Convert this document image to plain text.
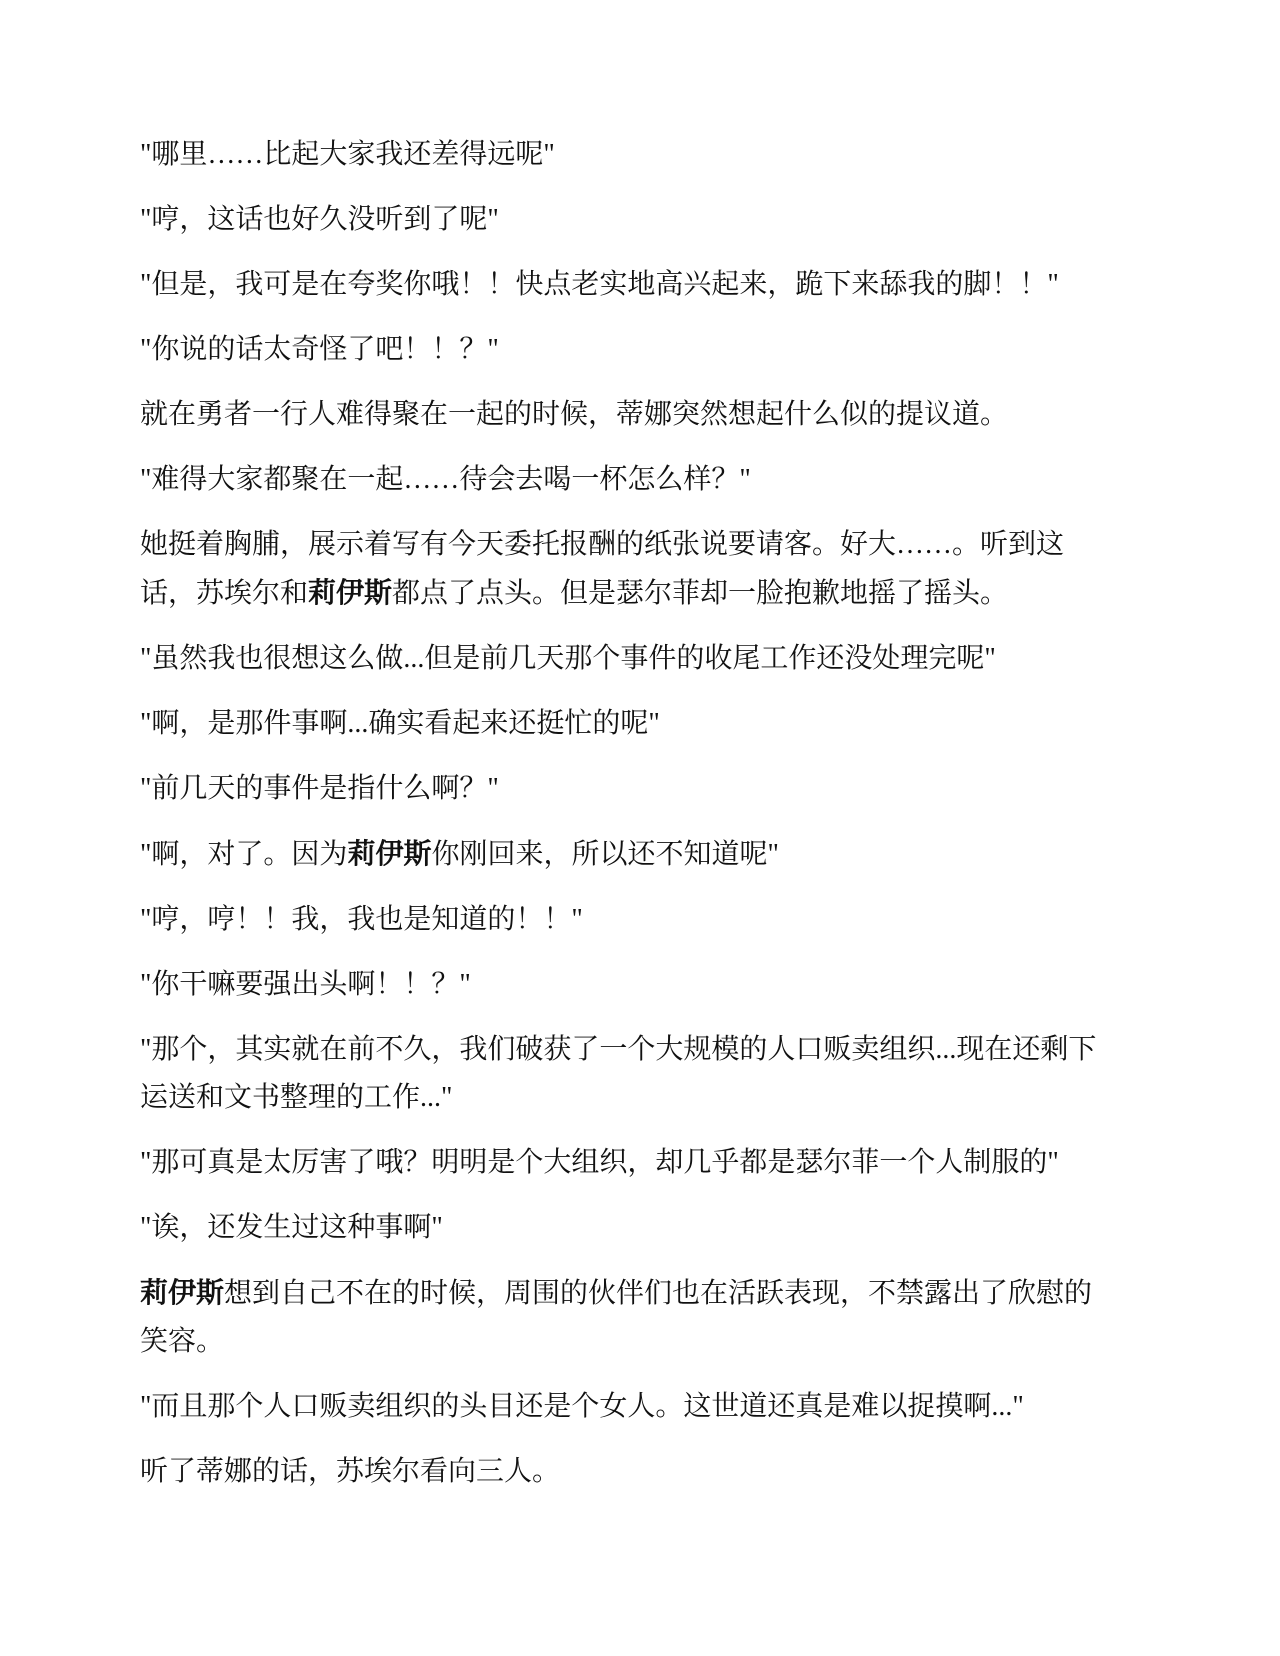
"哪里……比起大家我还差得远呢"

"哼，这话也好久没听到了呢"

"但是，我可是在夸奖你哦！！快点老实地高兴起来，跪下来舔我的脚！！"

"你说的话太奇怪了吧！！？"

就在勇者一行人难得聚在一起的时候，蒂娜突然想起什么似的提议道。

"难得大家都聚在一起……待会去喝一杯怎么样？"

她挺着胸脯，展示着写有今天委托报酬的纸张说要请客。好大……。听到这话，苏埃尔和莉伊斯都点了点头。但是瑟尔菲却一脸抱歉地摇了摇头。

"虽然我也很想这么做...但是前几天那个事件的收尾工作还没处理完呢"

"啊，是那件事啊...确实看起来还挺忙的呢"

"前几天的事件是指什么啊？"

"啊，对了。因为莉伊斯你刚回来，所以还不知道呢"

"哼，哼！！我，我也是知道的！！"

"你干嘛要强出头啊！！？"

"那个，其实就在前不久，我们破获了一个大规模的人口贩卖组织...现在还剩下运送和文书整理的工作..."

"那可真是太厉害了哦？明明是个大组织，却几乎都是瑟尔菲一个人制服的"

"诶，还发生过这种事啊"

莉伊斯想到自己不在的时候，周围的伙伴们也在活跃表现，不禁露出了欣慰的笑容。

"而且那个人口贩卖组织的头目还是个女人。这世道还真是难以捉摸啊..."

听了蒂娜的话，苏埃尔看向三人。
